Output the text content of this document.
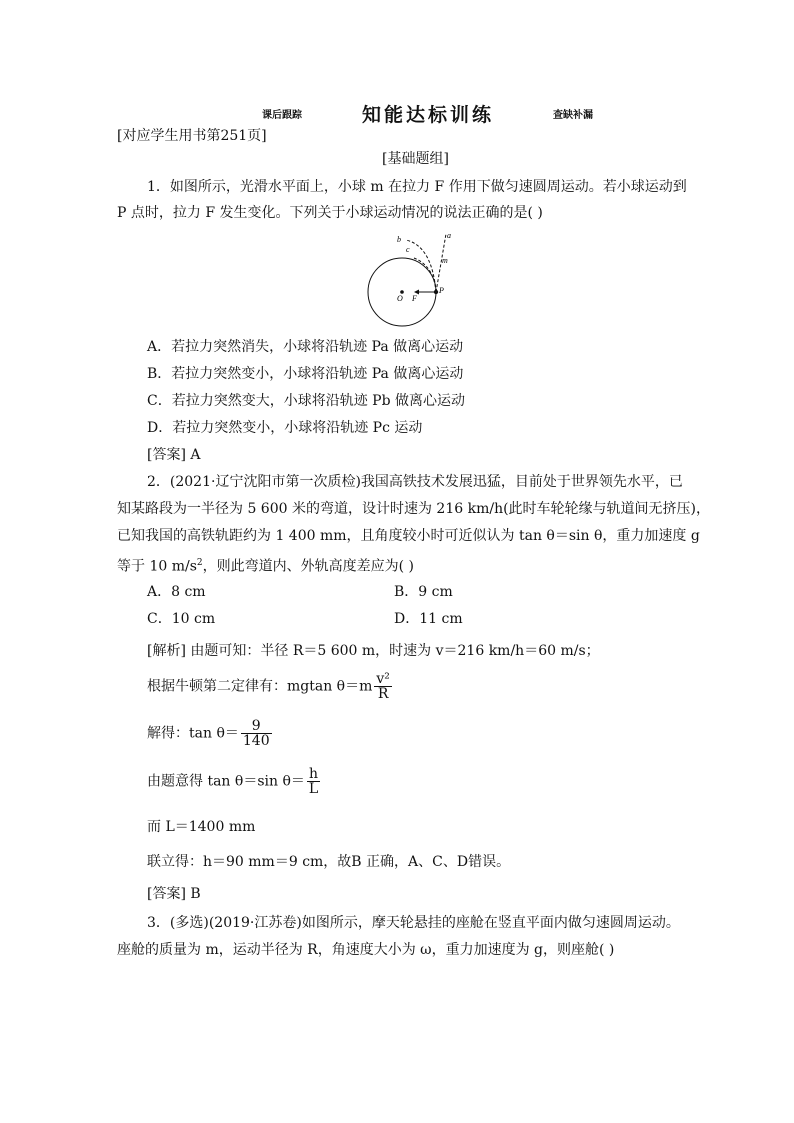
课后跟踪	知能达标训练	查缺补漏
[对应学生用书第251页]
[基础题组]
1．如图所示，光滑水平面上，小球 m 在拉力 F 作用下做匀速圆周运动。若小球运动到
P 点时，拉力 F 发生变化。下列关于小球运动情况的说法正确的是( )
a
b
c
m
O F
P
A．若拉力突然消失，小球将沿轨迹 Pa 做离心运动
B．若拉力突然变小，小球将沿轨迹 Pa 做离心运动
C．若拉力突然变大，小球将沿轨迹 Pb 做离心运动
D．若拉力突然变小，小球将沿轨迹 Pc 运动
[答案] A
2．(2021·辽宁沈阳市第一次质检)我国高铁技术发展迅猛，目前处于世界领先水平，已
知某路段为一半径为 5 600 米的弯道，设计时速为 216 km/h(此时车轮轮缘与轨道间无挤压)，
已知我国的高铁轨距约为 1 400 mm，且角度较小时可近似认为 tan θ＝sin θ，重力加速度 g
等于 10 $m/s^2$，则此弯道内、外轨高度差应为( )
A．8 cm	B．9 cm
C．10 cm	D．11 cm
[解析] 由题可知：半径 R＝5 600 m，时速为 v＝216 km/h＝60 m/s；
根据牛顿第二定律有：mgtan $\theta=m \frac{\text{v²}}{R}$
解得：$\tan \theta= \frac{9}{140}$
由题意得 tan θ＝sin $\theta= \frac{h}{L}$
而 L＝1400 mm
联立得：h＝90 mm＝9 cm，故B 正确，A、C、D错误。
[答案] B
3．(多选)(2019·江苏卷)如图所示，摩天轮悬挂的座舱在竖直平面内做匀速圆周运动。
座舱的质量为 m，运动半径为 R，角速度大小为 ω，重力加速度为 g，则座舱( )
